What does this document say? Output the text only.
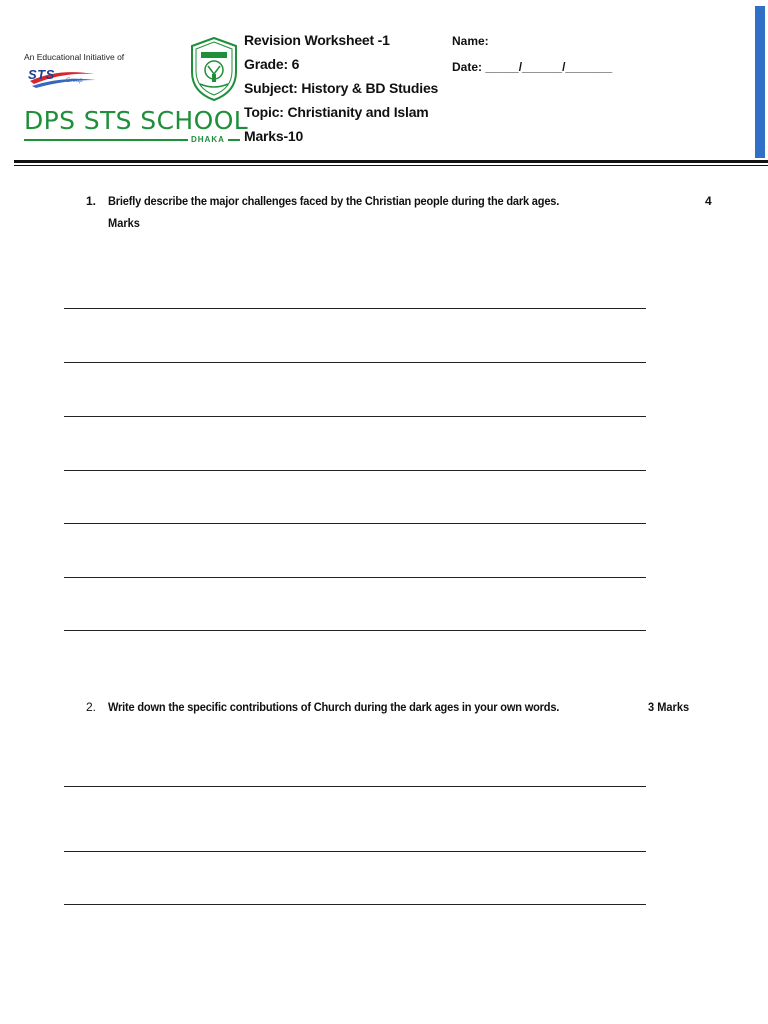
An Educational Initiative of
STS Group
DPS STS SCHOOL
DHAKA
Revision Worksheet -1
Grade: 6
Subject: History & BD Studies
Topic: Christianity and Islam
Marks-10
Name:
Date: _____/______/_______
1. Briefly describe the major challenges faced by the Christian people during the dark ages.	4
Marks
2. Write down the specific contributions of Church during the dark ages in your own words.	3 Marks
